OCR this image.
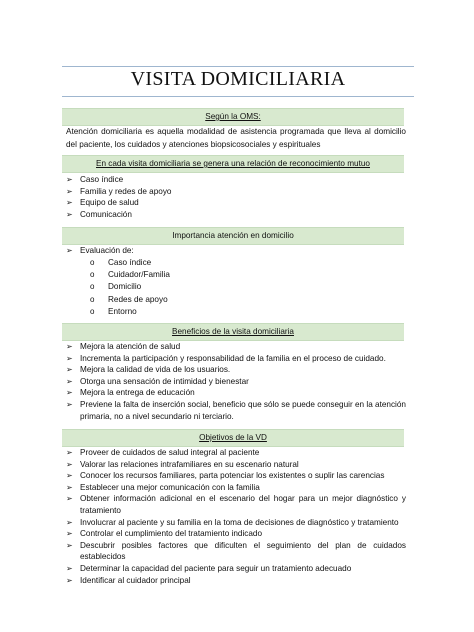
VISITA DOMICILIARIA
Según la OMS:
Atención domiciliaria es aquella modalidad de asistencia programada que lleva al domicilio del paciente, los cuidados y atenciones biopsicosociales y espirituales
En cada visita domiciliaria se genera una relación de reconocimiento mutuo
➢ Caso índice
➢ Familia y redes de apoyo
➢ Equipo de salud
➢ Comunicación
Importancia atención en domicilio
➢ Evaluación de:
o Caso índice
o Cuidador/Familia
o Domicilio
o Redes de apoyo
o Entorno
Beneficios de la visita domiciliaria
➢ Mejora la atención de salud
➢ Incrementa la participación y responsabilidad de la familia en el proceso de cuidado.
➢ Mejora la calidad de vida de los usuarios.
➢ Otorga una sensación de intimidad y bienestar
➢ Mejora la entrega de educación
➢ Previene la falta de inserción social, beneficio que sólo se puede conseguir en la atención primaria, no a nivel secundario ni terciario.
Objetivos de la VD
➢ Proveer de cuidados de salud integral al paciente
➢ Valorar las relaciones intrafamiliares en su escenario natural
➢ Conocer los recursos familiares, parta potenciar los existentes o suplir las carencias
➢ Establecer una mejor comunicación con la familia
➢ Obtener información adicional en el escenario del hogar para un mejor diagnóstico y tratamiento
➢ Involucrar al paciente y su familia en la toma de decisiones de diagnóstico y tratamiento
➢ Controlar el cumplimiento del tratamiento indicado
➢ Descubrir posibles factores que dificulten el seguimiento del plan de cuidados establecidos
➢ Determinar la capacidad del paciente para seguir un tratamiento adecuado
➢ Identificar al cuidador principal
